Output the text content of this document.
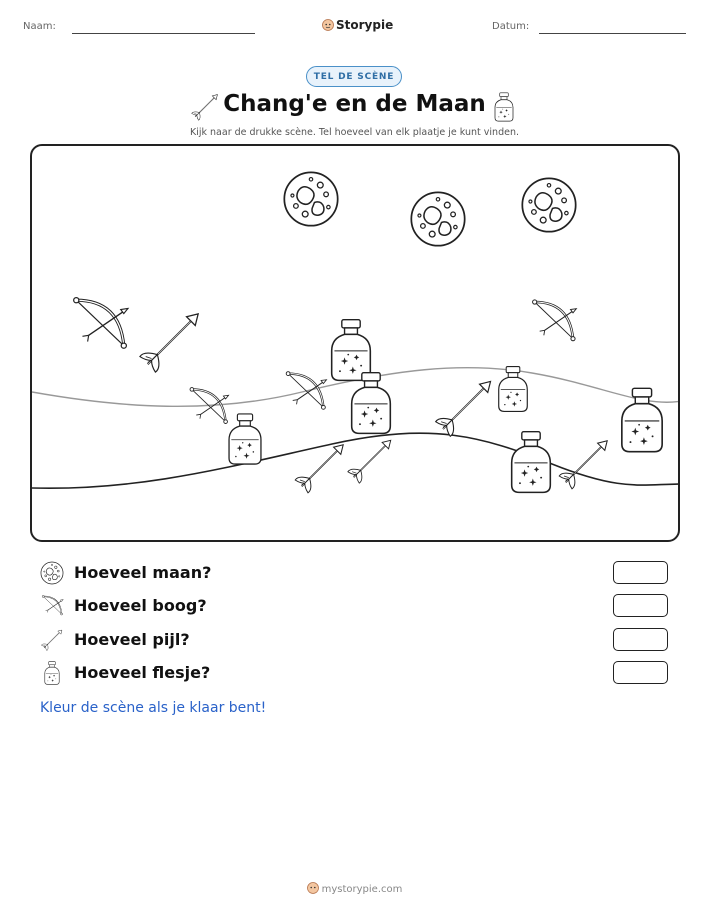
Naam:	Storypie	Datum:
TEL DE SCÈNE
Chang'e en de Maan
Kijk naar de drukke scène. Tel hoeveel van elk plaatje je kunt vinden.
Hoeveel maan?
Hoeveel boog?
Hoeveel pijl?
Hoeveel flesje?
Kleur de scène als je klaar bent!
mystorypie.com
